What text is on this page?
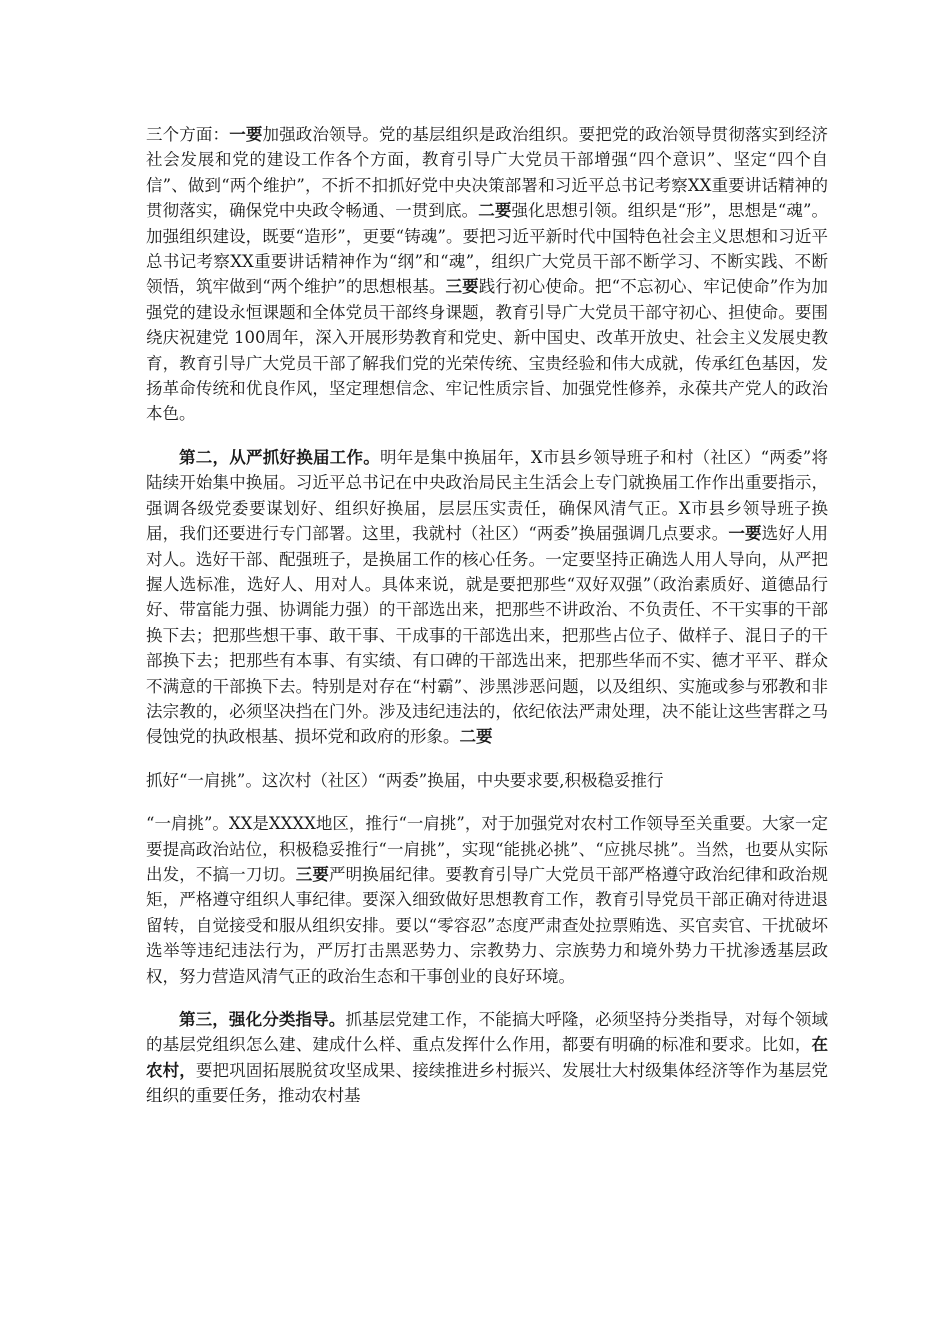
三个方面：一要加强政治领导。党的基层组织是政治组织。要把党的政治领导贯彻落实到经济社会发展和党的建设工作各个方面，教育引导广大党员干部增强“四个意识”、坚定“四个自信”、做到“两个维护”，不折不扣抓好党中央决策部署和习近平总书记考察XX重要讲话精神的贯彻落实，确保党中央政令畅通、一贯到底。二要强化思想引领。组织是“形”，思想是“魂”。加强组织建设，既要“造形”，更要“铸魂”。要把习近平新时代中国特色社会主义思想和习近平总书记考察XX重要讲话精神作为“纲”和“魂”，组织广大党员干部不断学习、不断实践、不断领悟，筑牢做到“两个维护”的思想根基。三要践行初心使命。把“不忘初心、牢记使命”作为加强党的建设永恒课题和全体党员干部终身课题，教育引导广大党员干部守初心、担使命。要围绕庆祝建党 100周年，深入开展形势教育和党史、新中国史、改革开放史、社会主义发展史教育，教育引导广大党员干部了解我们党的光荣传统、宝贵经验和伟大成就，传承红色基因，发扬革命传统和优良作风，坚定理想信念、牢记性质宗旨、加强党性修养，永葆共产党人的政治本色。

第二，从严抓好换届工作。明年是集中换届年，X市县乡领导班子和村（社区）“两委”将陆续开始集中换届。习近平总书记在中央政治局民主生活会上专门就换届工作作出重要指示，强调各级党委要谋划好、组织好换届，层层压实责任，确保风清气正。X市县乡领导班子换届，我们还要进行专门部署。这里，我就村（社区）“两委”换届强调几点要求。一要选好人用对人。选好干部、配强班子，是换届工作的核心任务。一定要坚持正确选人用人导向，从严把握人选标准，选好人、用对人。具体来说，就是要把那些“双好双强”（政治素质好、道德品行好、带富能力强、协调能力强）的干部选出来，把那些不讲政治、不负责任、不干实事的干部换下去；把那些想干事、敢干事、干成事的干部选出来，把那些占位子、做样子、混日子的干部换下去；把那些有本事、有实绩、有口碑的干部选出来，把那些华而不实、德才平平、群众不满意的干部换下去。特别是对存在“村霸”、涉黑涉恶问题，以及组织、实施或参与邪教和非法宗教的，必须坚决挡在门外。涉及违纪违法的，依纪依法严肃处理，决不能让这些害群之马侵蚀党的执政根基、损坏党和政府的形象。二要

抓好“一肩挑”。这次村（社区）“两委”换届，中央要求要,积极稳妥推行

“一肩挑”。XX是XXXX地区，推行“一肩挑”，对于加强党对农村工作领导至关重要。大家一定要提高政治站位，积极稳妥推行“一肩挑”，实现“能挑必挑”、“应挑尽挑”。当然，也要从实际出发，不搞一刀切。三要严明换届纪律。要教育引导广大党员干部严格遵守政治纪律和政治规矩，严格遵守组织人事纪律。要深入细致做好思想教育工作，教育引导党员干部正确对待进退留转，自觉接受和服从组织安排。要以“零容忍”态度严肃查处拉票贿选、买官卖官、干扰破坏选举等违纪违法行为，严厉打击黑恶势力、宗教势力、宗族势力和境外势力干扰渗透基层政权，努力营造风清气正的政治生态和干事创业的良好环境。

第三，强化分类指导。抓基层党建工作，不能搞大呼隆，必须坚持分类指导，对每个领域的基层党组织怎么建、建成什么样、重点发挥什么作用，都要有明确的标准和要求。比如，在农村，要把巩固拓展脱贫攻坚成果、接续推进乡村振兴、发展壮大村级集体经济等作为基层党组织的重要任务，推动农村基
